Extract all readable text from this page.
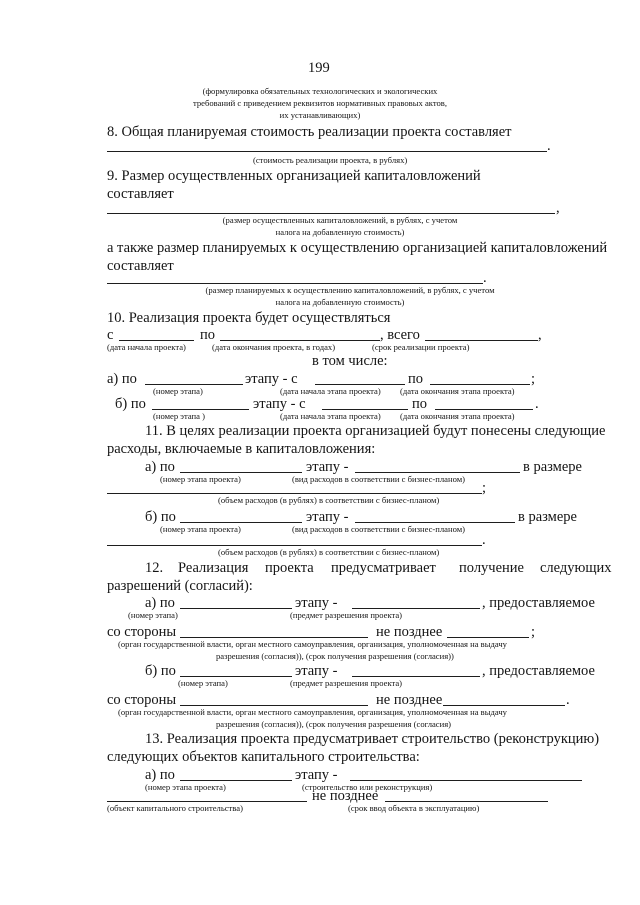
199
(формулировка обязательных технологических и экологических
требований с приведением реквизитов нормативных правовых актов,
их устанавливающих)
8. Общая планируемая стоимость реализации проекта составляет
.
(стоимость реализации проекта, в рублях)
9. Размер осуществленных организацией капиталовложений
составляет
,
(размер осуществленных капиталовложений, в рублях, с учетом
налога на добавленную стоимость)
а также размер планируемых к осуществлению организацией капиталовложений
составляет
.
(размер планируемых к осуществлению капиталовложений, в рублях, с учетом
налога на добавленную стоимость)
10. Реализация проекта будет осуществляться
с	по	, всего	,
(дата начала проекта)	(дата окончания проекта, в годах)	(срок реализации проекта)
в том числе:
а) по	этапу - с	по	;
(номер этапа)	(дата начала этапа проекта) (дата окончания этапа проекта)
б) по	этапу - с	по	.
(номер этапа )	(дата начала этапа проекта) (дата окончания этапа проекта)
11. В целях реализации проекта организацией будут понесены следующие
расходы, включаемые в капиталовложения:
а) по	этапу -	в размере
(номер этапа проекта)	(вид расходов в соответствии с бизнес-планом)
;
(объем расходов (в рублях) в соответствии с бизнес-планом)
б) по	этапу -	в размере
(номер этапа проекта)	(вид расходов в соответствии с бизнес-планом)
.
(объем расходов (в рублях) в соответствии с бизнес-планом)
12. Реализация проекта предусматривает получение следующих
разрешений (согласий):
а) по	этапу -	, предоставляемое
(номер этапа)	(предмет разрешения проекта)
со стороны	не позднее	;
(орган государственной власти, орган местного самоуправления, организация, уполномоченная на выдачу
разрешения (согласия)), (срок получения разрешения (согласия))
б) по	этапу -	, предоставляемое
(номер этапа)	(предмет разрешения проекта)
со стороны	не позднее	.
(орган государственной власти, орган местного самоуправления, организация, уполномоченная на выдачу
разрешения (согласия)), (срок получения разрешения (согласия)
13. Реализация проекта предусматривает строительство (реконструкцию)
следующих объектов капитального строительства:
а) по	этапу -
(номер этапа проекта)	(строительство или реконструкция)
не позднее
(объект капитального строительства)	(срок ввод объекта в эксплуатацию)
